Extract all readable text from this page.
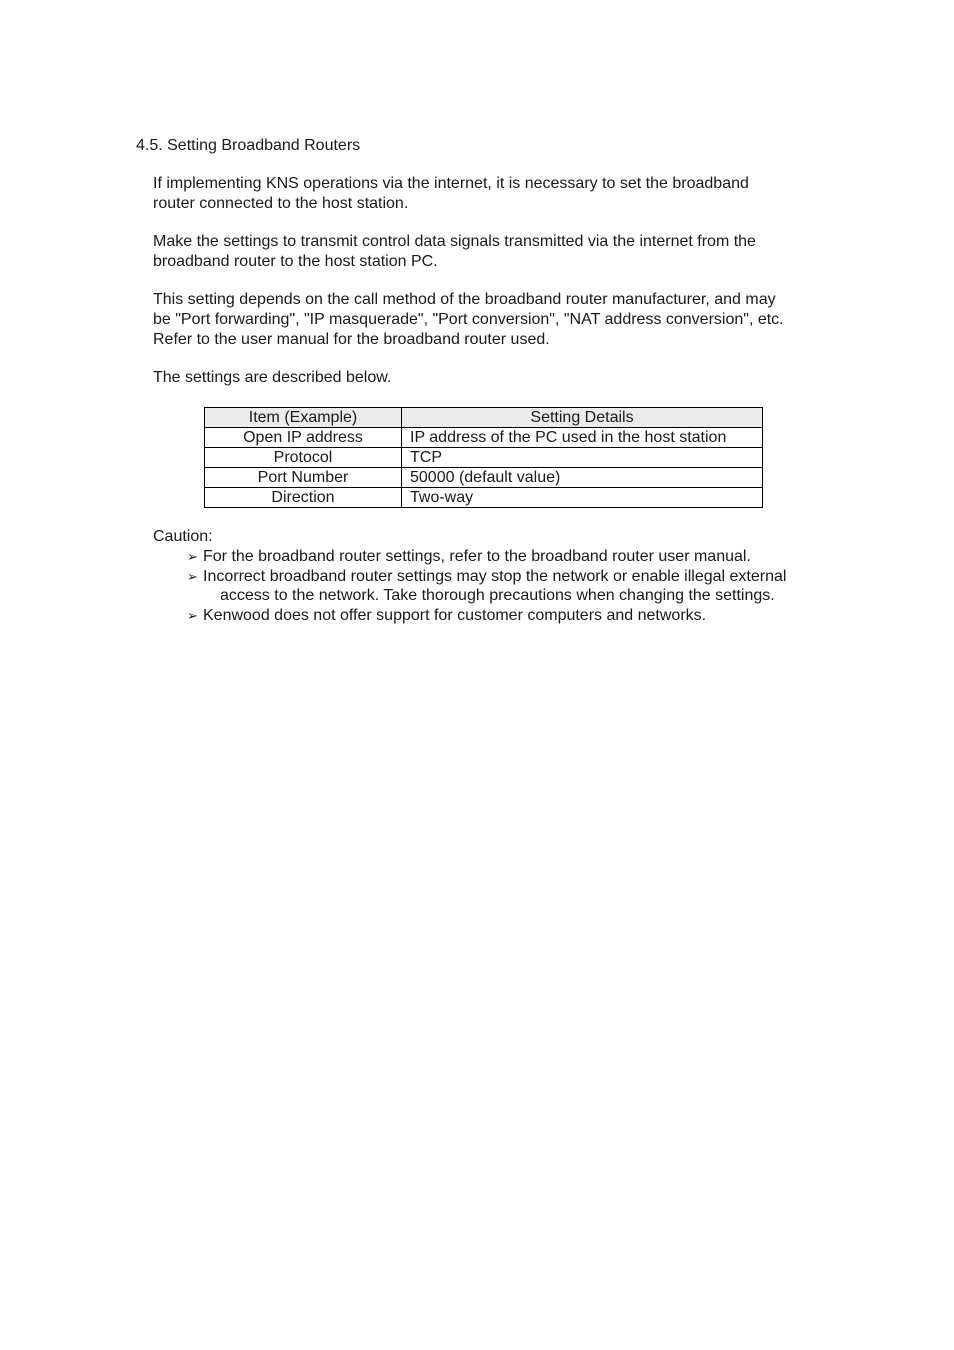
4.5. Setting Broadband Routers

If implementing KNS operations via the internet, it is necessary to set the broadband
router connected to the host station.

Make the settings to transmit control data signals transmitted via the internet from the
broadband router to the host station PC.

This setting depends on the call method of the broadband router manufacturer, and may
be "Port forwarding", "IP masquerade", "Port conversion", "NAT address conversion", etc.
Refer to the user manual for the broadband router used.

The settings are described below.

Item (Example)	Setting Details
Open IP address	IP address of the PC used in the host station
Protocol	TCP
Port Number	50000 (default value)
Direction	Two-way

Caution:

➢ For the broadband router settings, refer to the broadband router user manual.
➢ Incorrect broadband router settings may stop the network or enable illegal external
access to the network. Take thorough precautions when changing the settings.
➢ Kenwood does not offer support for customer computers and networks.
